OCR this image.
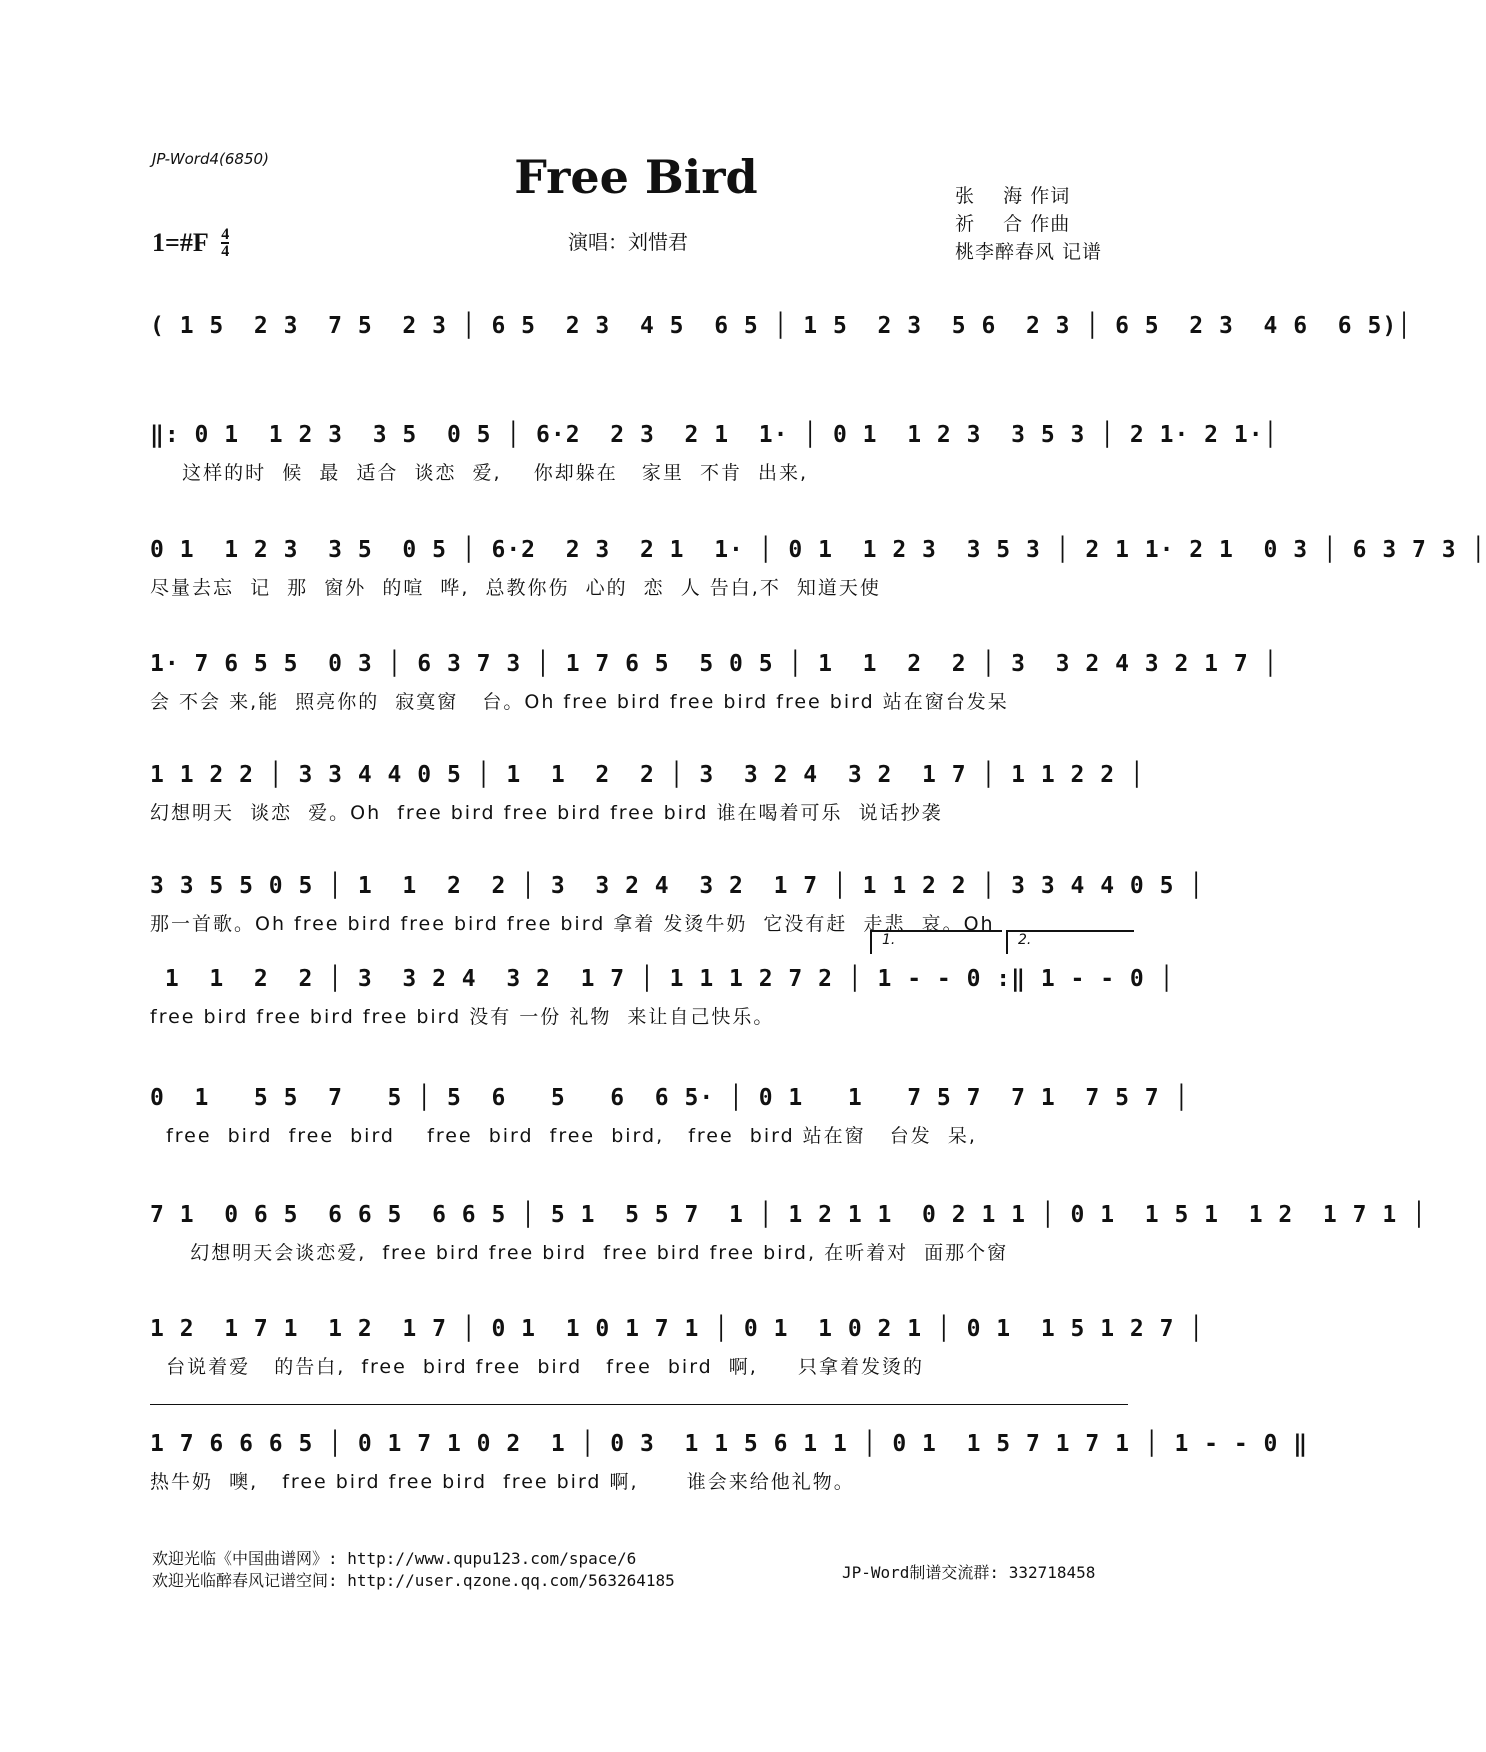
JP-Word4(6850)	Free Bird	张    海 作词
祈    合 作曲
桃李醉春风 记谱
1=#F $\frac{4}{4}$	演唱：刘惜君
( 1 5  2 3  7 5  2 3 │ 6 5  2 3  4 5  6 5 │ 1 5  2 3  5 6  2 3 │ 6 5  2 3  4 6  6 5)│
‖: 0 1  1 2 3  3 5  0 5 │ 6·2  2 3  2 1  1· │ 0 1  1 2 3  3 5 3 │ 2 1· 2 1·│
这样的时  候  最  适合  谈恋  爱,    你却躲在   家里  不肯  出来,
0 1  1 2 3  3 5  0 5 │ 6·2  2 3  2 1  1· │ 0 1  1 2 3  3 5 3 │ 2 1 1· 2 1  0 3 │ 6 3 7 3 │
尽量去忘  记  那  窗外  的喧  哗,  总教你伤  心的  恋  人 告白,不  知道天使
1· 7 6 5 5  0 3 │ 6 3 7 3 │ 1 7 6 5  5 0 5 │ 1  1  2  2 │ 3  3 2 4 3 2 1 7 │
会 不会 来,能  照亮你的  寂寞窗   台。Oh free bird free bird free bird 站在窗台发呆
1 1 2 2 │ 3 3 4 4 0 5 │ 1  1  2  2 │ 3  3 2 4  3 2  1 7 │ 1 1 2 2 │
幻想明天  谈恋  爱。Oh  free bird free bird free bird 谁在喝着可乐  说话抄袭
3 3 5 5 0 5 │ 1  1  2  2 │ 3  3 2 4  3 2  1 7 │ 1 1 2 2 │ 3 3 4 4 0 5 │
那一首歌。Oh free bird free bird free bird 拿着 发烫牛奶  它没有赶  走悲  哀。Oh
1.	2.
1  1  2  2 │ 3  3 2 4  3 2  1 7 │ 1 1 1 2 7 2 │ 1 - - 0 :‖ 1 - - 0 │
free bird free bird free bird 没有 一份 礼物  来让自己快乐。
0  1   5 5  7   5 │ 5  6   5   6  6 5· │ 0 1   1   7 5 7  7 1  7 5 7 │
free  bird  free  bird    free  bird  free  bird,   free  bird 站在窗   台发  呆,
7 1  0 6 5  6 6 5  6 6 5 │ 5 1  5 5 7  1 │ 1 2 1 1  0 2 1 1 │ 0 1  1 5 1  1 2  1 7 1 │
幻想明天会谈恋爱,  free bird free bird  free bird free bird, 在听着对  面那个窗
1 2  1 7 1  1 2  1 7 │ 0 1  1 0 1 7 1 │ 0 1  1 0 2 1 │ 0 1  1 5 1 2 7 │
台说着爱   的告白,  free  bird free  bird   free  bird  啊,     只拿着发烫的
1 7 6 6 6 5 │ 0 1 7 1 0 2  1 │ 0 3  1 1 5 6 1 1 │ 0 1  1 5 7 1 7 1 │ 1 - - 0 ‖
热牛奶  噢,   free bird free bird  free bird 啊,      谁会来给他礼物。
欢迎光临《中国曲谱网》: http://www.qupu123.com/space/6
欢迎光临醉春风记谱空间: http://user.qzone.qq.com/563264185	JP-Word制谱交流群: 332718458
